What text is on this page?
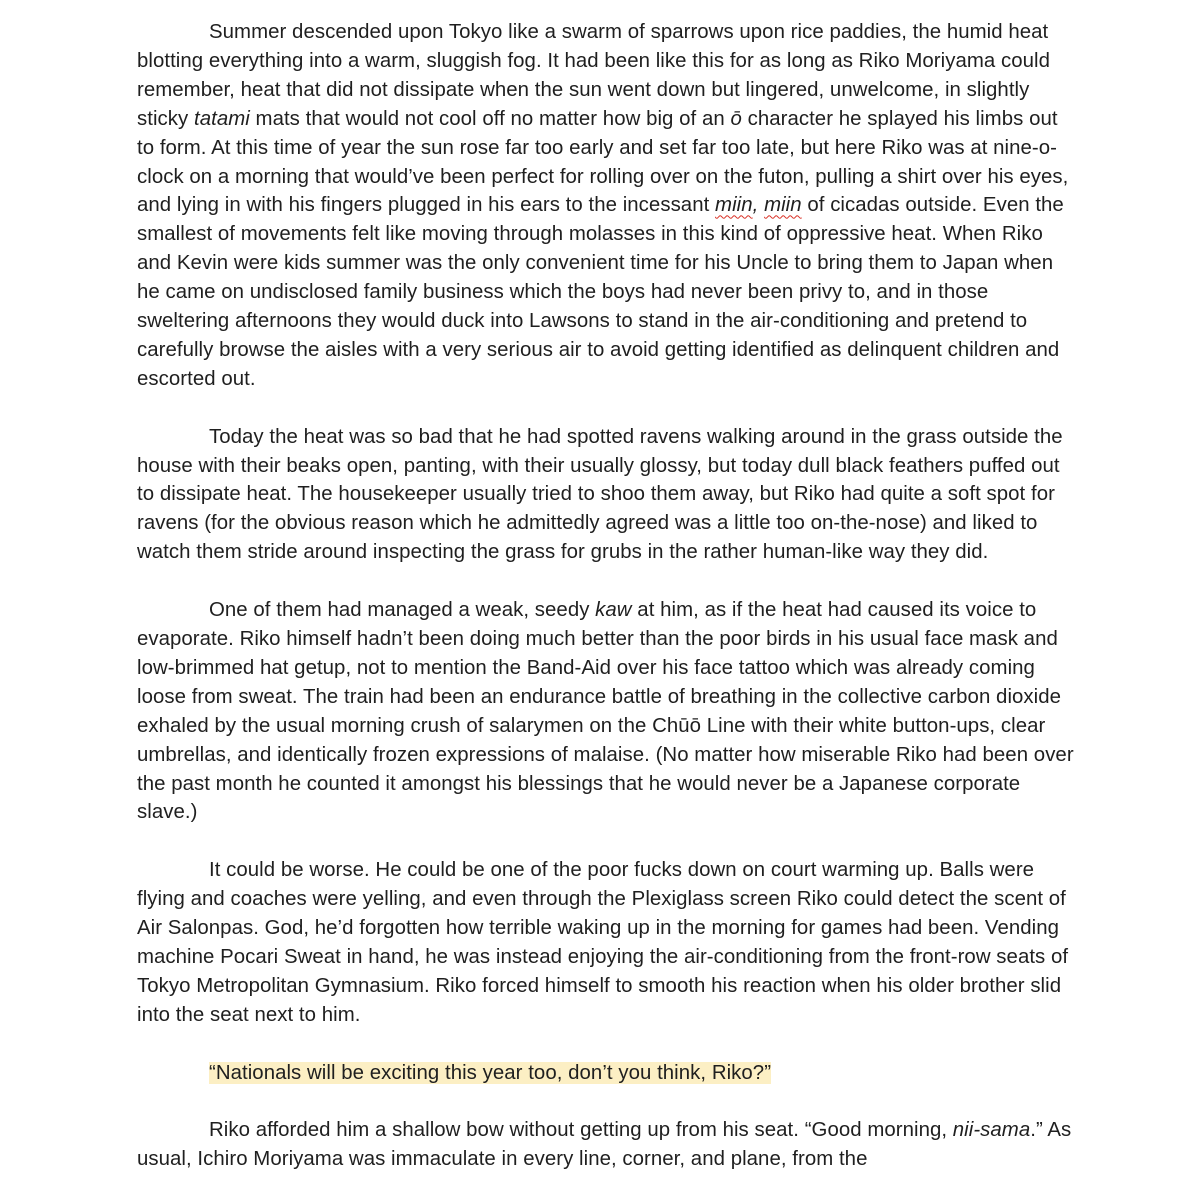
Summer descended upon Tokyo like a swarm of sparrows upon rice paddies, the humid heat blotting everything into a warm, sluggish fog. It had been like this for as long as Riko Moriyama could remember, heat that did not dissipate when the sun went down but lingered, unwelcome, in slightly sticky tatami mats that would not cool off no matter how big of an ō character he splayed his limbs out to form. At this time of year the sun rose far too early and set far too late, but here Riko was at nine-o-clock on a morning that would’ve been perfect for rolling over on the futon, pulling a shirt over his eyes, and lying in with his fingers plugged in his ears to the incessant miin, miin of cicadas outside. Even the smallest of movements felt like moving through molasses in this kind of oppressive heat. When Riko and Kevin were kids summer was the only convenient time for his Uncle to bring them to Japan when he came on undisclosed family business which the boys had never been privy to, and in those sweltering afternoons they would duck into Lawsons to stand in the air-conditioning and pretend to carefully browse the aisles with a very serious air to avoid getting identified as delinquent children and escorted out.

Today the heat was so bad that he had spotted ravens walking around in the grass outside the house with their beaks open, panting, with their usually glossy, but today dull black feathers puffed out to dissipate heat. The housekeeper usually tried to shoo them away, but Riko had quite a soft spot for ravens (for the obvious reason which he admittedly agreed was a little too on-the-nose) and liked to watch them stride around inspecting the grass for grubs in the rather human-like way they did.

One of them had managed a weak, seedy kaw at him, as if the heat had caused its voice to evaporate. Riko himself hadn’t been doing much better than the poor birds in his usual face mask and low-brimmed hat getup, not to mention the Band-Aid over his face tattoo which was already coming loose from sweat. The train had been an endurance battle of breathing in the collective carbon dioxide exhaled by the usual morning crush of salarymen on the Chūō Line with their white button-ups, clear umbrellas, and identically frozen expressions of malaise. (No matter how miserable Riko had been over the past month he counted it amongst his blessings that he would never be a Japanese corporate slave.)

It could be worse. He could be one of the poor fucks down on court warming up. Balls were flying and coaches were yelling, and even through the Plexiglass screen Riko could detect the scent of Air Salonpas. God, he’d forgotten how terrible waking up in the morning for games had been. Vending machine Pocari Sweat in hand, he was instead enjoying the air-conditioning from the front-row seats of Tokyo Metropolitan Gymnasium. Riko forced himself to smooth his reaction when his older brother slid into the seat next to him.

“Nationals will be exciting this year too, don’t you think, Riko?”

Riko afforded him a shallow bow without getting up from his seat. “Good morning, nii-sama.” As usual, Ichiro Moriyama was immaculate in every line, corner, and plane, from the
